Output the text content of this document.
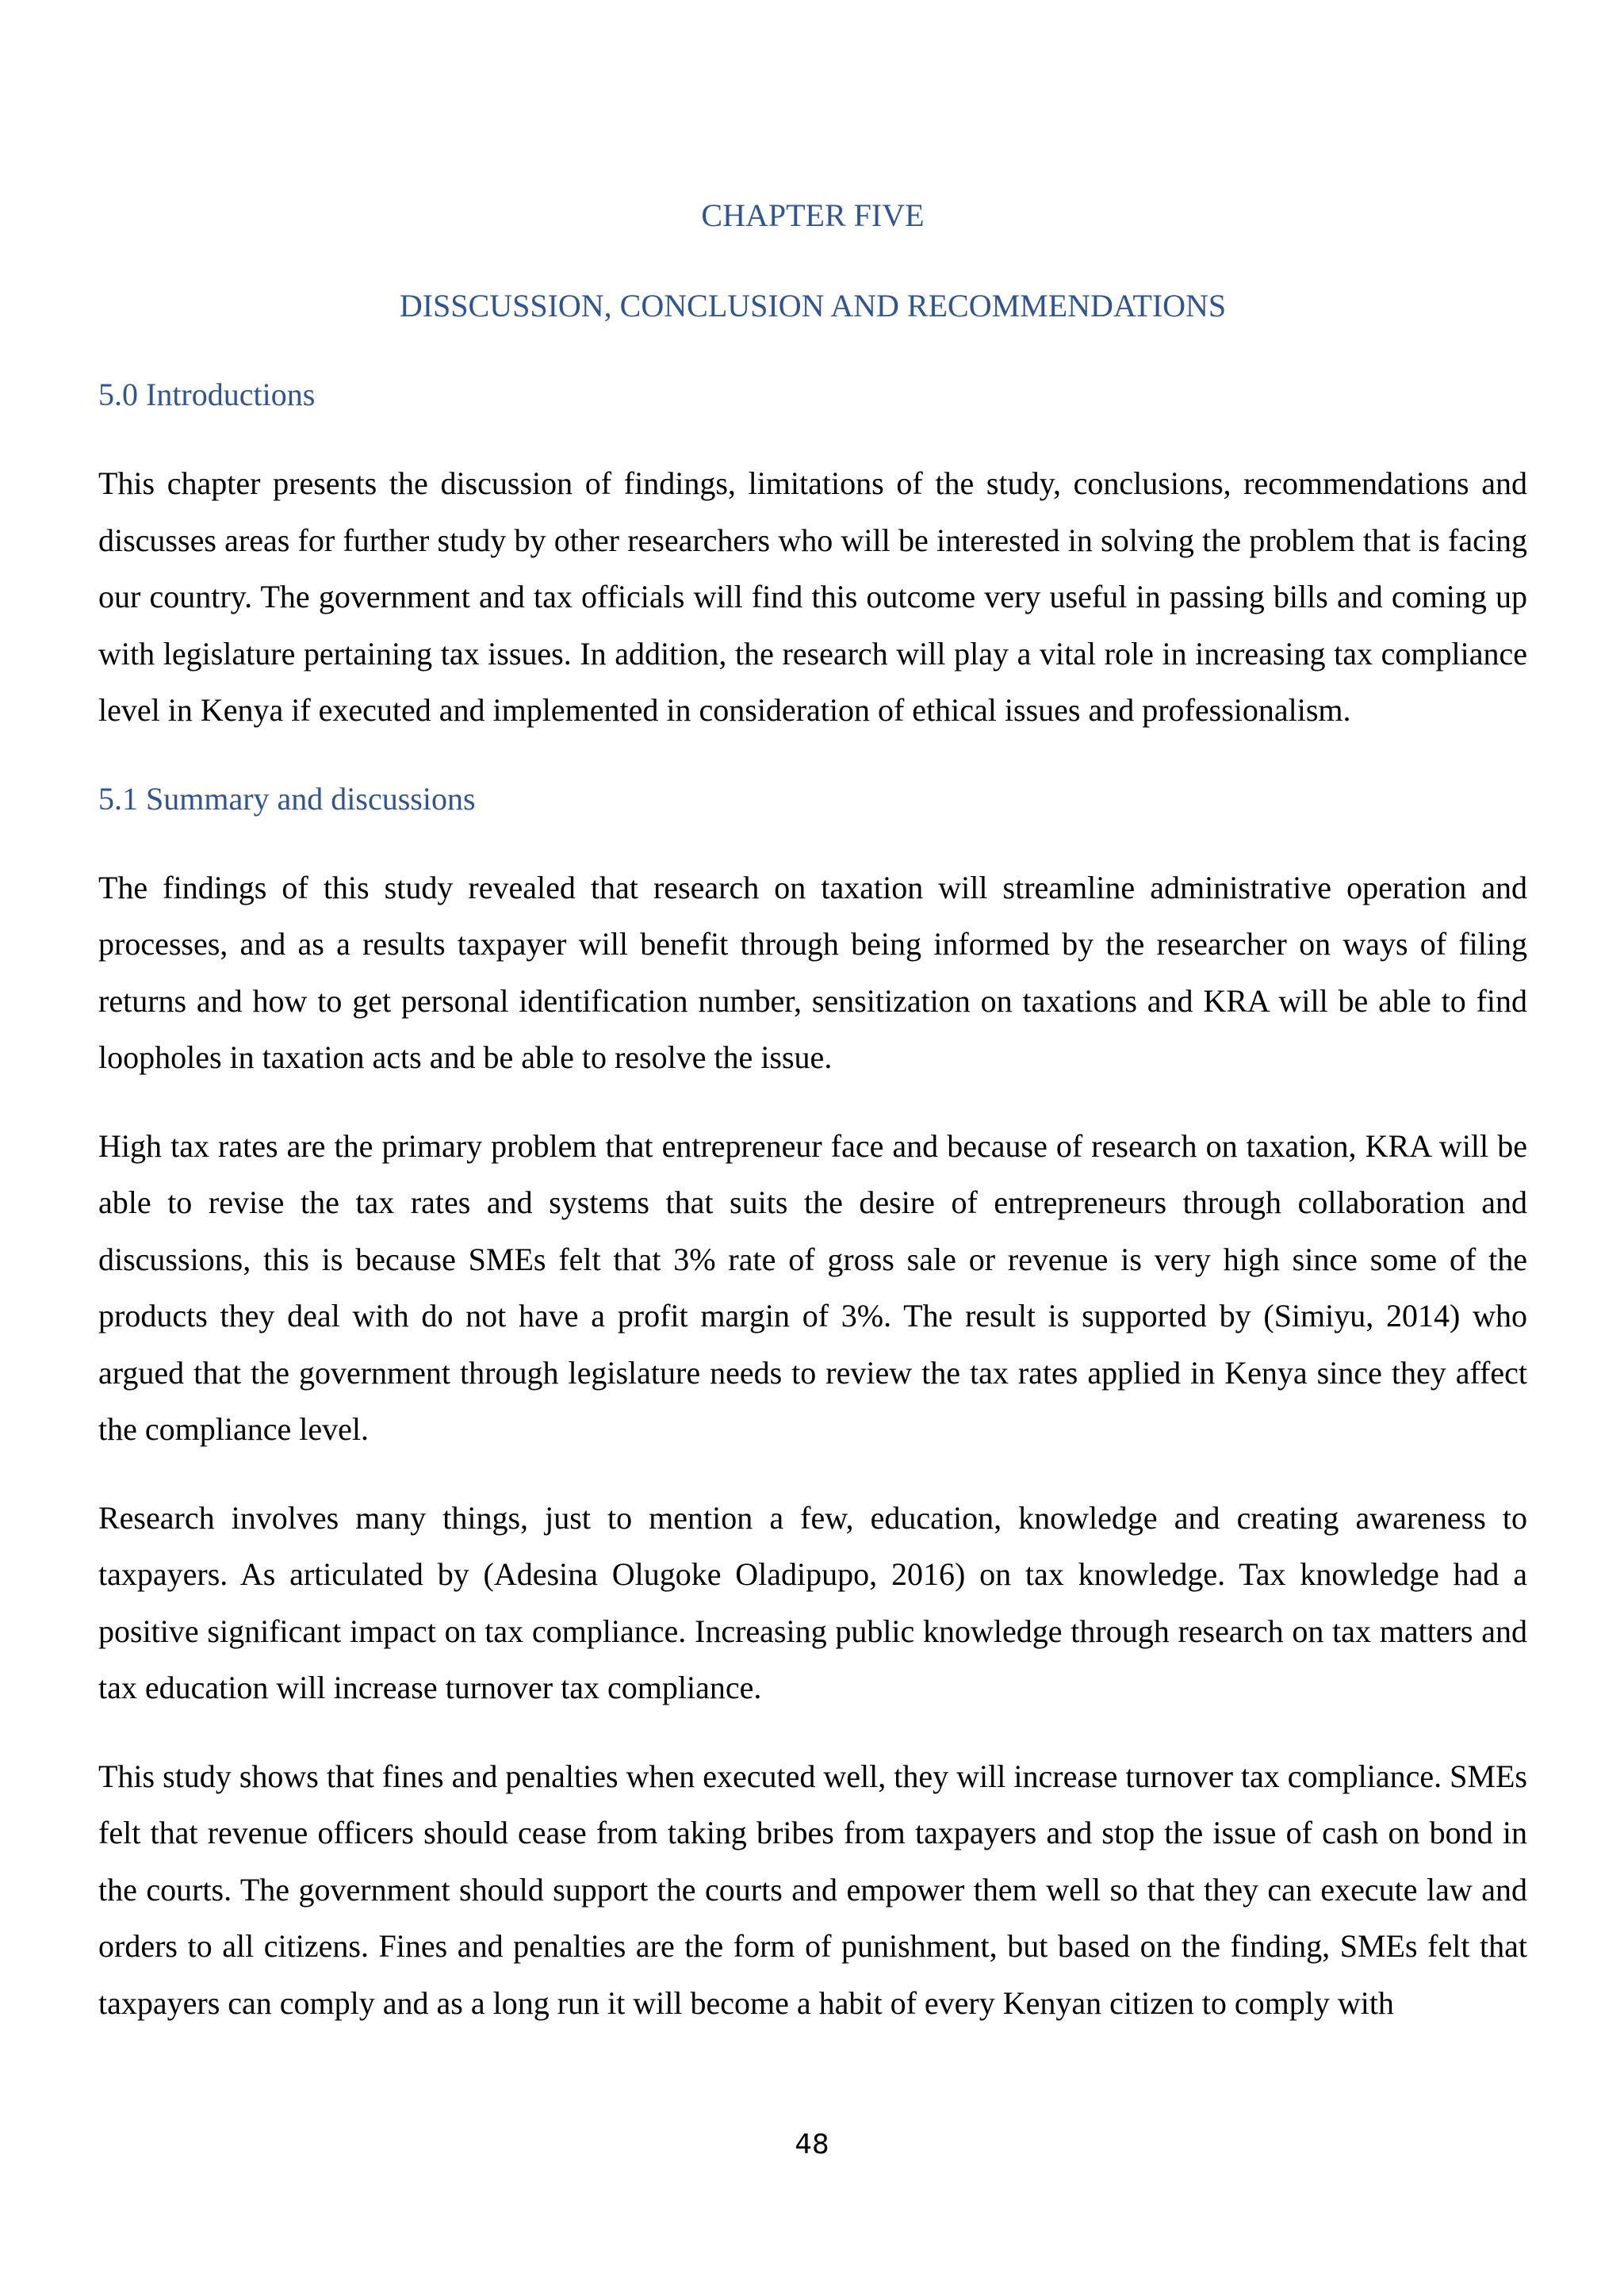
CHAPTER FIVE
DISSCUSSION, CONCLUSION AND RECOMMENDATIONS
5.0 Introductions

This chapter presents the discussion of findings, limitations of the study, conclusions, recommendations and discusses areas for further study by other researchers who will be interested in solving the problem that is facing our country. The government and tax officials will find this outcome very useful in passing bills and coming up with legislature pertaining tax issues. In addition, the research will play a vital role in increasing tax compliance level in Kenya if executed and implemented in consideration of ethical issues and professionalism.

5.1 Summary and discussions

The findings of this study revealed that research on taxation will streamline administrative operation and processes, and as a results taxpayer will benefit through being informed by the researcher on ways of filing returns and how to get personal identification number, sensitization on taxations and KRA will be able to find loopholes in taxation acts and be able to resolve the issue.

High tax rates are the primary problem that entrepreneur face and because of research on taxation, KRA will be able to revise the tax rates and systems that suits the desire of entrepreneurs through collaboration and discussions, this is because SMEs felt that 3% rate of gross sale or revenue is very high since some of the products they deal with do not have a profit margin of 3%. The result is supported by (Simiyu, 2014) who argued that the government through legislature needs to review the tax rates applied in Kenya since they affect the compliance level.

Research involves many things, just to mention a few, education, knowledge and creating awareness to taxpayers. As articulated by (Adesina Olugoke Oladipupo, 2016) on tax knowledge. Tax knowledge had a positive significant impact on tax compliance. Increasing public knowledge through research on tax matters and tax education will increase turnover tax compliance.

This study shows that fines and penalties when executed well, they will increase turnover tax compliance. SMEs felt that revenue officers should cease from taking bribes from taxpayers and stop the issue of cash on bond in the courts. The government should support the courts and empower them well so that they can execute law and orders to all citizens. Fines and penalties are the form of punishment, but based on the finding, SMEs felt that taxpayers can comply and as a long run it will become a habit of every Kenyan citizen to comply with

48
